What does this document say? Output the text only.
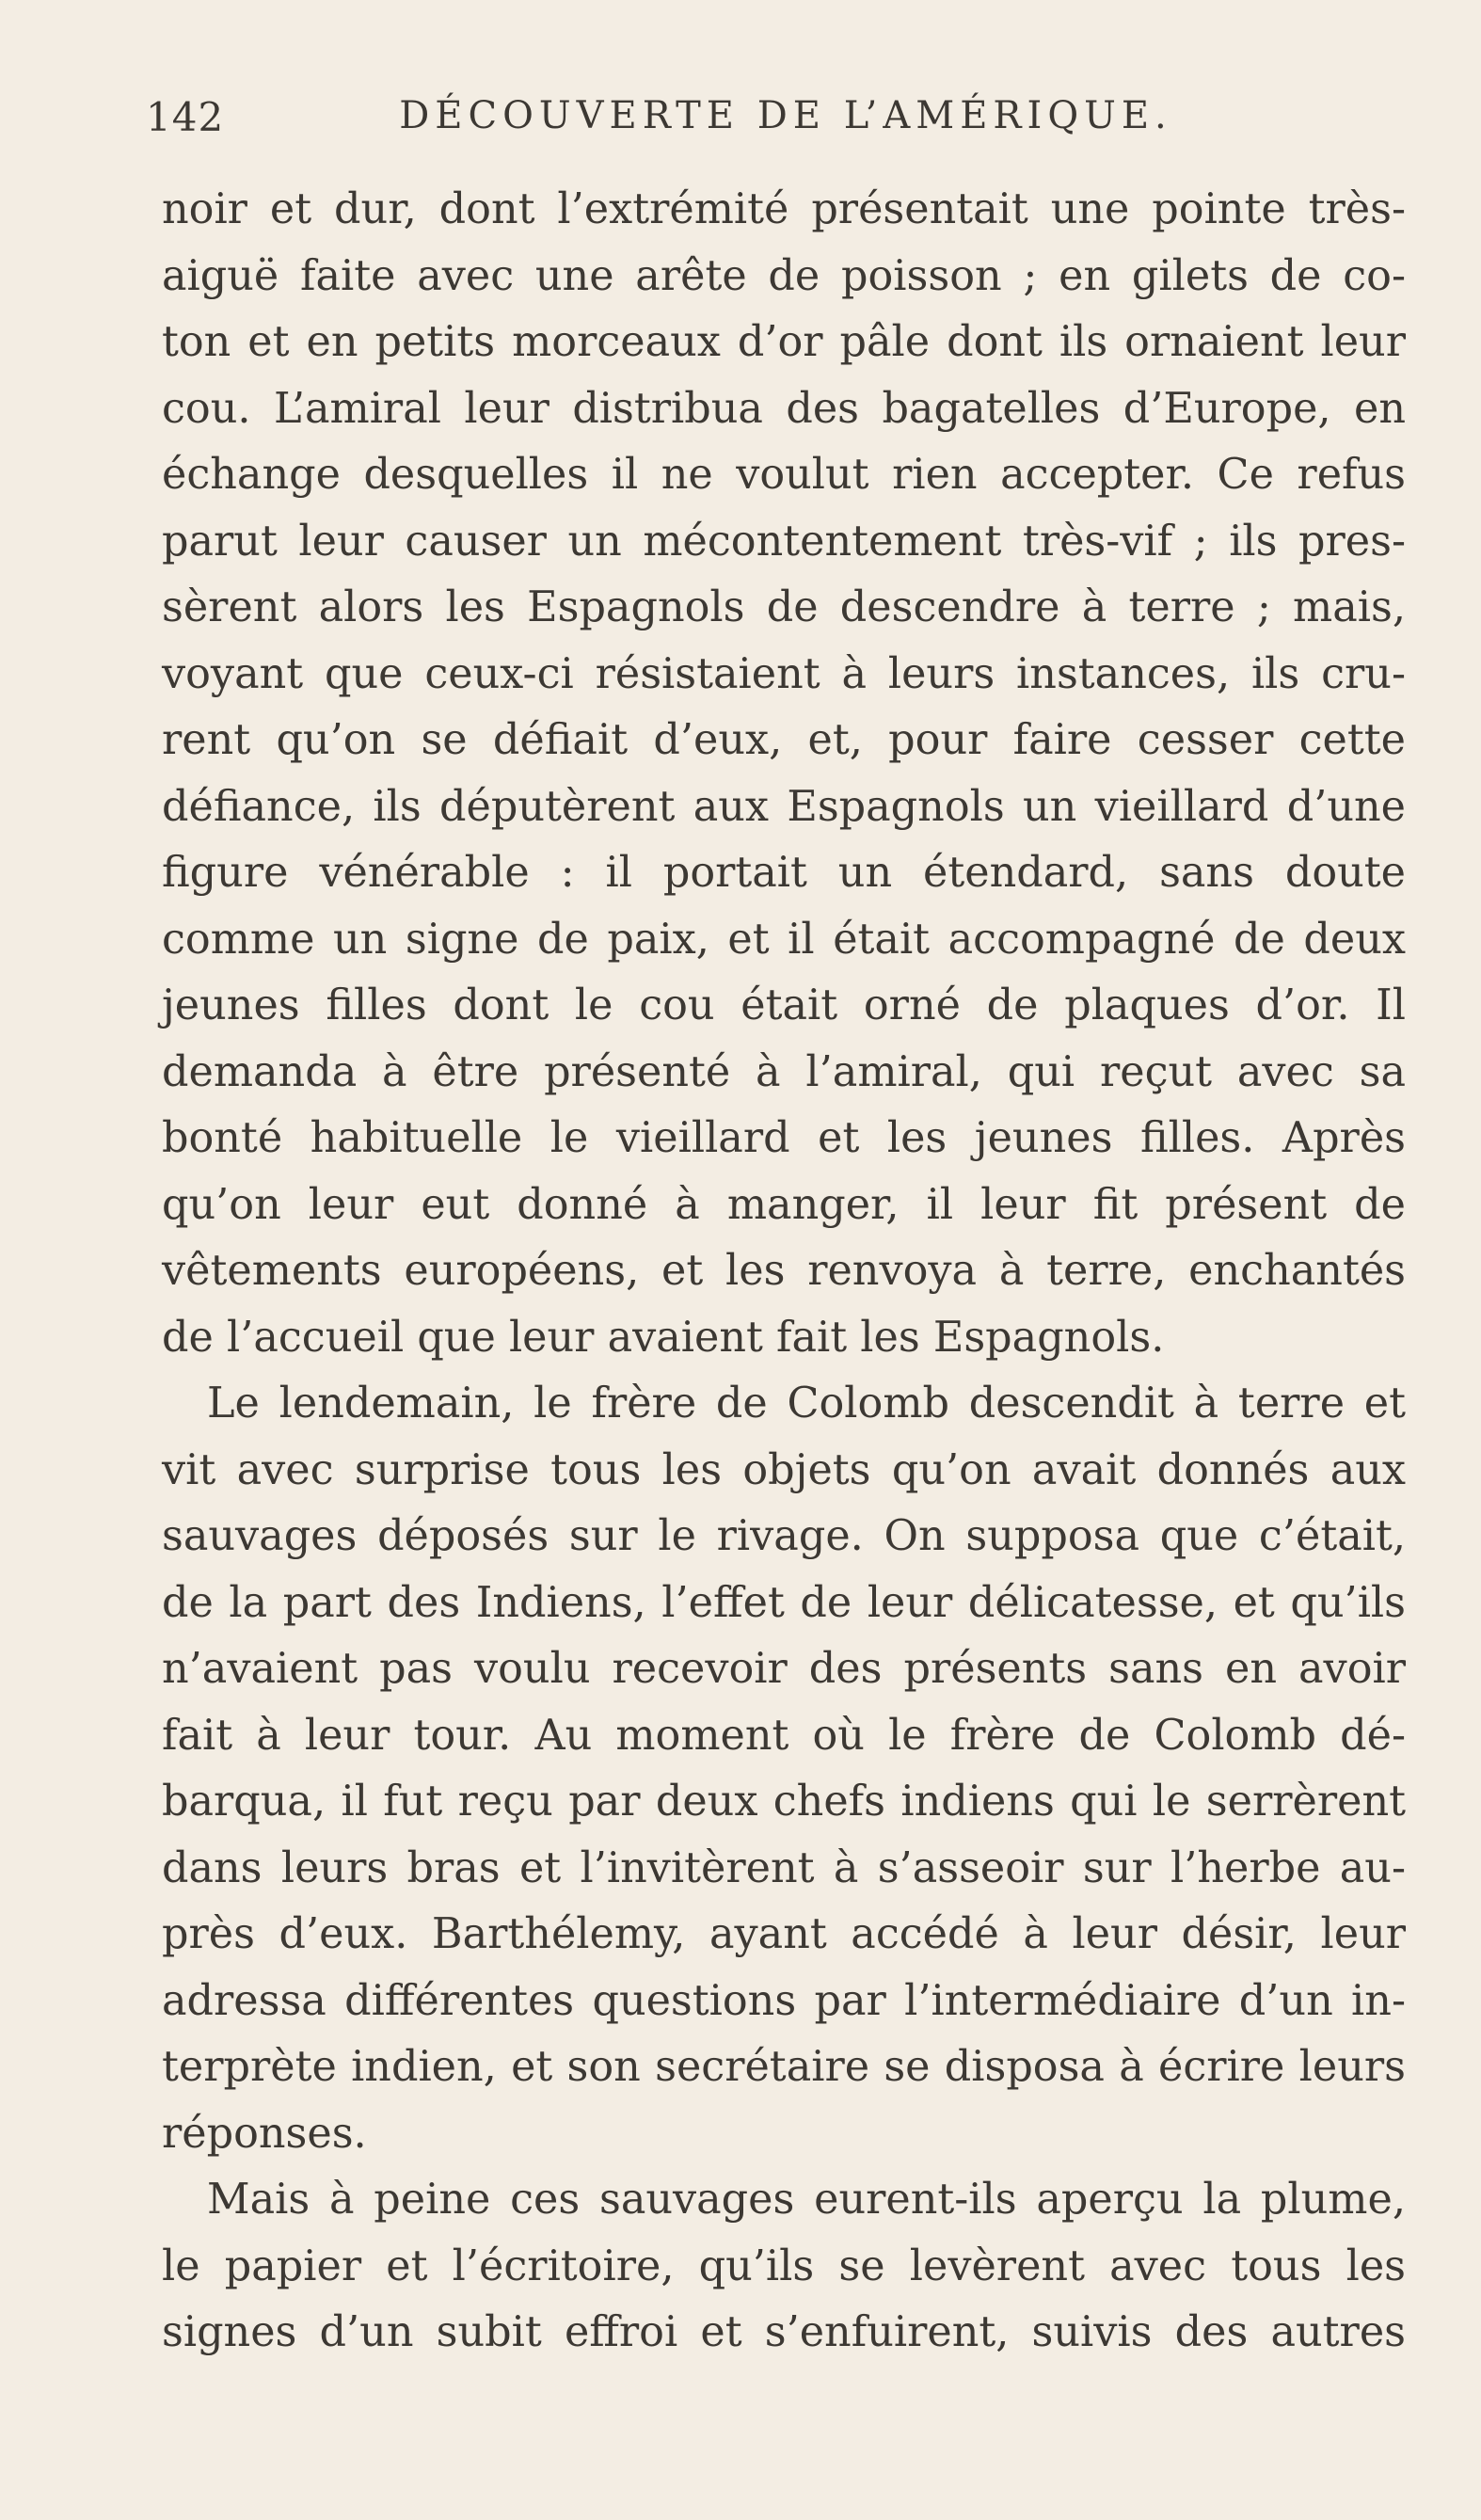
142	DÉCOUVERTE DE L’AMÉRIQUE.
noir et dur, dont l’extrémité présentait une pointe très-
aiguë faite avec une arête de poisson ; en gilets de co-
ton et en petits morceaux d’or pâle dont ils ornaient leur
cou. L’amiral leur distribua des bagatelles d’Europe, en
échange desquelles il ne voulut rien accepter. Ce refus
parut leur causer un mécontentement très-vif ; ils pres-
sèrent alors les Espagnols de descendre à terre ; mais,
voyant que ceux-ci résistaient à leurs instances, ils cru-
rent qu’on se défiait d’eux, et, pour faire cesser cette
défiance, ils députèrent aux Espagnols un vieillard d’une
figure vénérable : il portait un étendard, sans doute
comme un signe de paix, et il était accompagné de deux
jeunes filles dont le cou était orné de plaques d’or. Il
demanda à être présenté à l’amiral, qui reçut avec sa
bonté habituelle le vieillard et les jeunes filles. Après
qu’on leur eut donné à manger, il leur fit présent de
vêtements européens, et les renvoya à terre, enchantés
de l’accueil que leur avaient fait les Espagnols.
Le lendemain, le frère de Colomb descendit à terre et
vit avec surprise tous les objets qu’on avait donnés aux
sauvages déposés sur le rivage. On supposa que c’était,
de la part des Indiens, l’effet de leur délicatesse, et qu’ils
n’avaient pas voulu recevoir des présents sans en avoir
fait à leur tour. Au moment où le frère de Colomb dé-
barqua, il fut reçu par deux chefs indiens qui le serrèrent
dans leurs bras et l’invitèrent à s’asseoir sur l’herbe au-
près d’eux. Barthélemy, ayant accédé à leur désir, leur
adressa différentes questions par l’intermédiaire d’un in-
terprète indien, et son secrétaire se disposa à écrire leurs
réponses.
Mais à peine ces sauvages eurent-ils aperçu la plume,
le papier et l’écritoire, qu’ils se levèrent avec tous les
signes d’un subit effroi et s’enfuirent, suivis des autres
